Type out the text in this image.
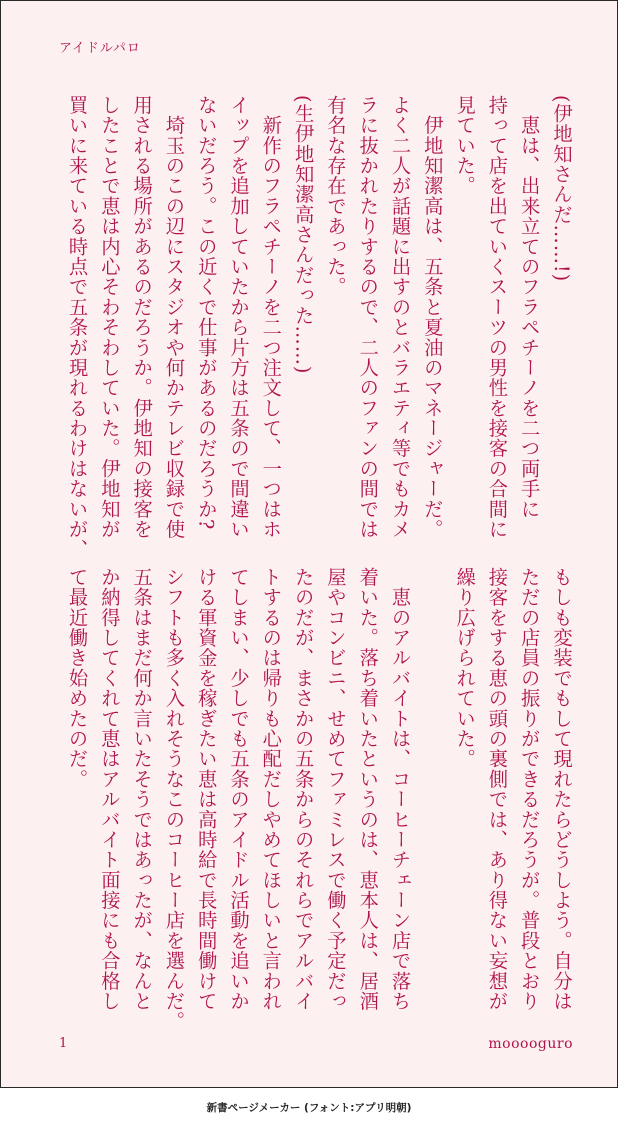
アイドルパロ
(伊地知さんだ……!)
　恵は、出来立てのフラペチーノを二つ両手に
持って店を出ていくスーツの男性を接客の合間に
見ていた。
　伊地知潔高は、五条と夏油のマネージャーだ。
よく二人が話題に出すのとバラエティ等でもカメ
ラに抜かれたりするので、二人のファンの間では
有名な存在であった。
(生伊地知潔高さんだった……)
　新作のフラペチーノを二つ注文して、一つはホ
イップを追加していたから片方は五条ので間違い
ないだろう。この近くで仕事があるのだろうか?
　埼玉のこの辺にスタジオや何かテレビ収録で使
用される場所があるのだろうか。伊地知の接客を
したことで恵は内心そわそわしていた。伊地知が
買いに来ている時点で五条が現れるわけはないが、
もしも変装でもして現れたらどうしよう。自分は
ただの店員の振りができるだろうが。普段とおり
接客をする恵の頭の裏側では、あり得ない妄想が
繰り広げられていた。

　恵のアルバイトは、コーヒーチェーン店で落ち
着いた。落ち着いたというのは、恵本人は、居酒
屋やコンビニ、せめてファミレスで働く予定だっ
たのだが、まさかの五条からのそれらでアルバイ
トするのは帰りも心配だしやめてほしいと言われ
てしまい、少しでも五条のアイドル活動を追いか
ける軍資金を稼ぎたい恵は高時給で長時間働けて
シフトも多く入れそうなこのコーヒー店を選んだ。
五条はまだ何か言いたそうではあったが、なんと
か納得してくれて恵はアルバイト面接にも合格し
て最近働き始めたのだ。
1	mooooguro
新書ページメーカー (フォント:アプリ明朝)
